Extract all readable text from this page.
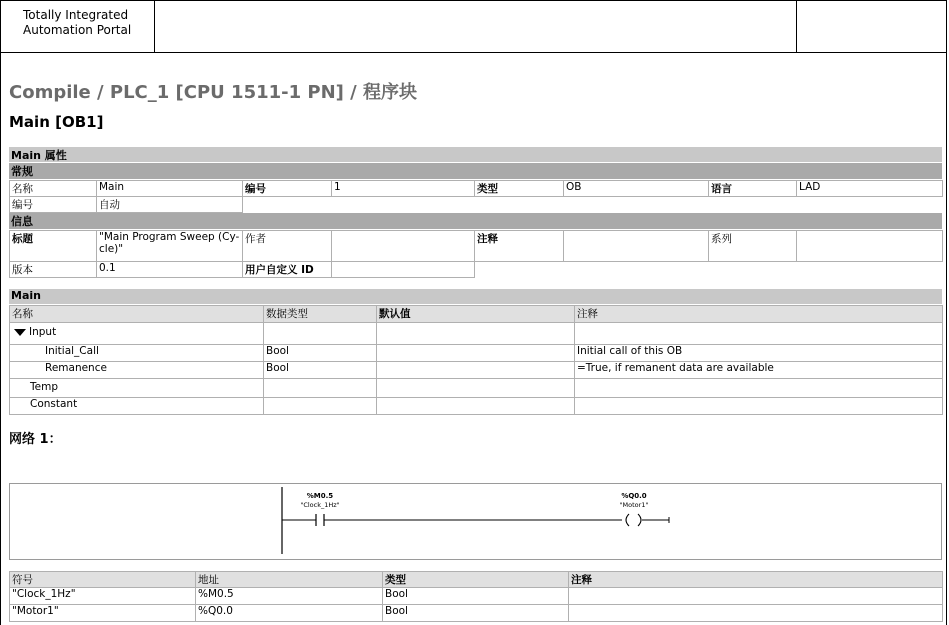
Totally Integrated
Automation Portal
Compile / PLC_1 [CPU 1511-1 PN] / 程序块
Main [OB1]
Main 属性
常规
名称	Main	编号	1	类型	OB	语言	LAD
编号	自动						
信息
标题	"Main Program Sweep (Cy- cle)"	作者		注释		系列	
版本	0.1	用户自定义 ID					
Main
名称	数据类型	默认值	注释
Input			
Initial_Call	Bool		Initial call of this OB
Remanence	Bool		=True, if remanent data are available
Temp			
Constant			
网络 1：
%M0.5
"Clock_1Hz"
%Q0.0
"Motor1"
符号	地址	类型	注释
"Clock_1Hz"	%M0.5	Bool	
"Motor1"	%Q0.0	Bool	
